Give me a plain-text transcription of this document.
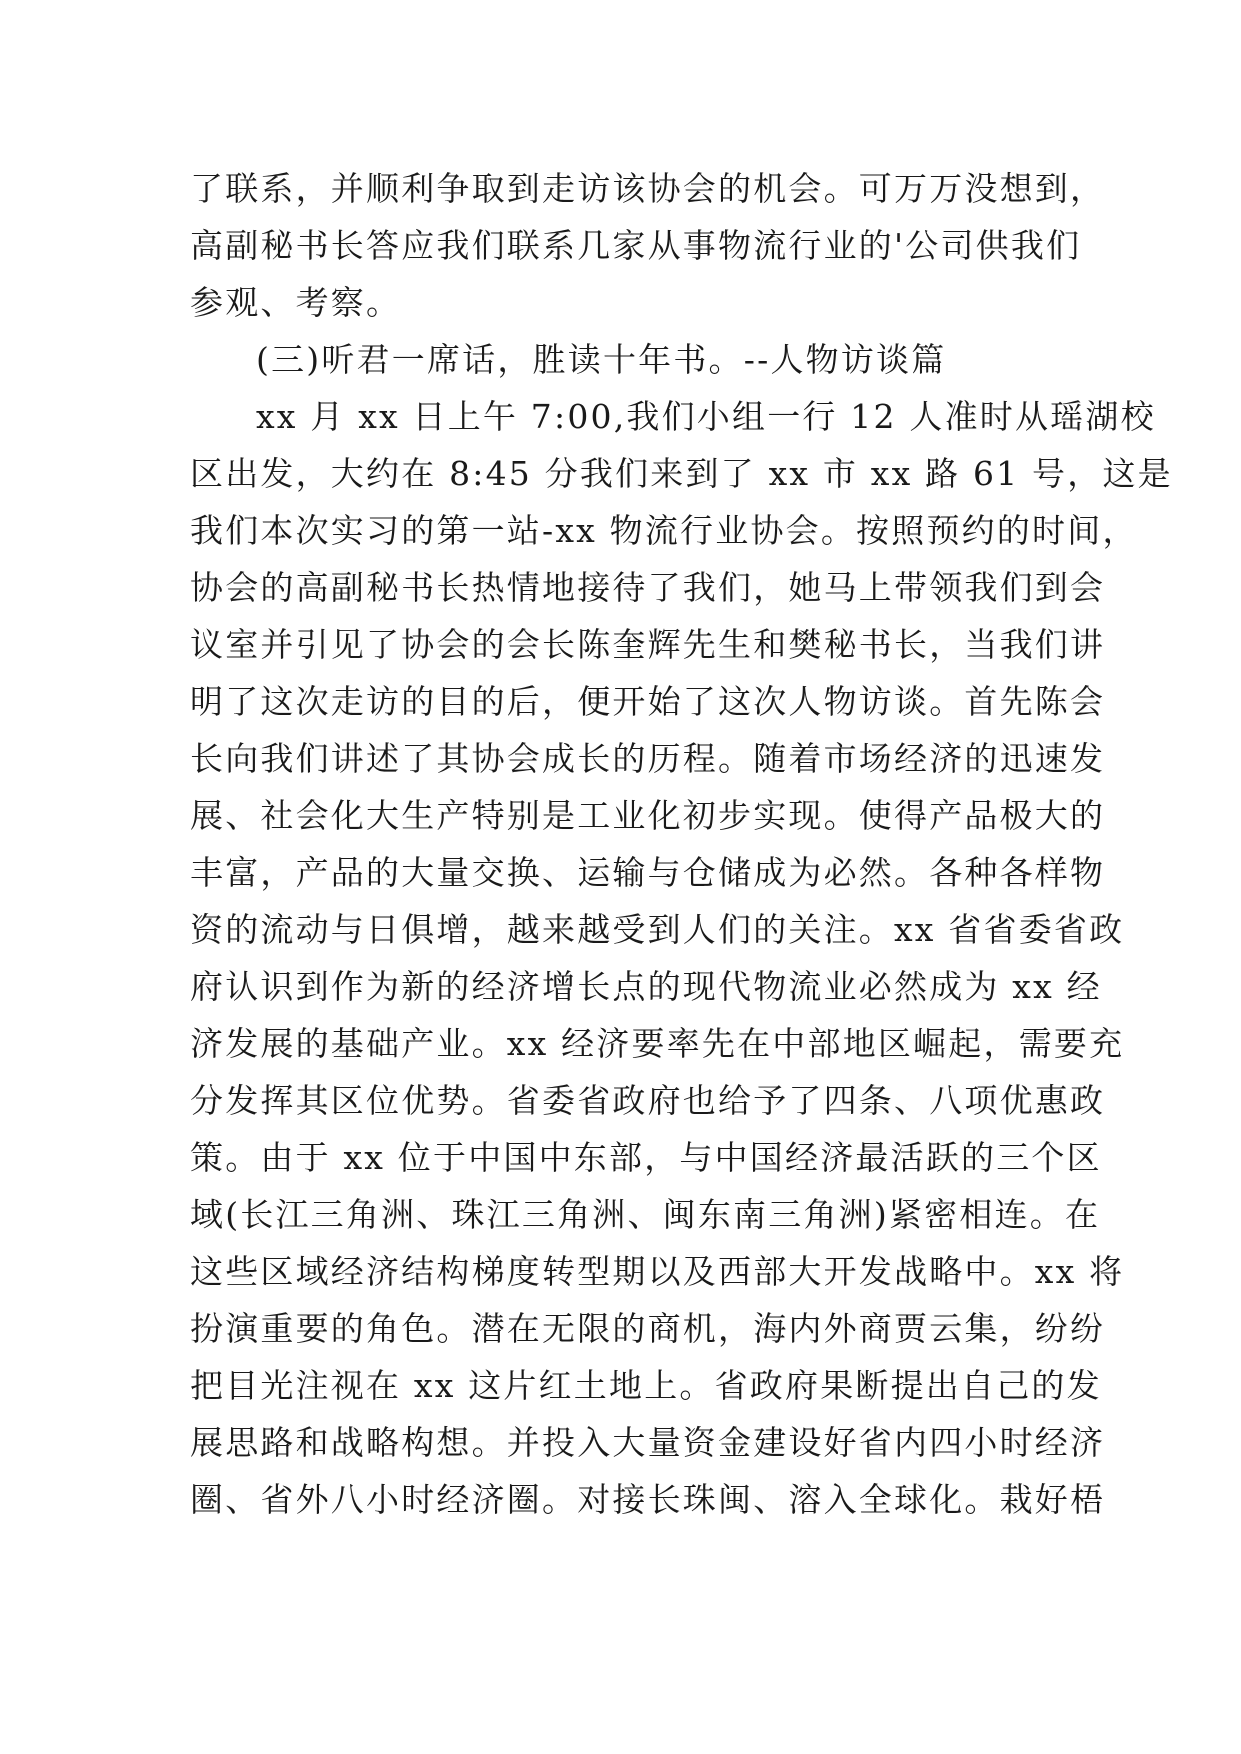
了联系，并顺利争取到走访该协会的机会。可万万没想到，
高副秘书长答应我们联系几家从事物流行业的'公司供我们
参观、考察。
(三)听君一席话，胜读十年书。--人物访谈篇
xx 月 xx 日上午 7:00,我们小组一行 12 人准时从瑶湖校
区出发，大约在 8:45 分我们来到了 xx 市 xx 路 61 号，这是
我们本次实习的第一站-xx 物流行业协会。按照预约的时间，
协会的高副秘书长热情地接待了我们，她马上带领我们到会
议室并引见了协会的会长陈奎辉先生和樊秘书长，当我们讲
明了这次走访的目的后，便开始了这次人物访谈。首先陈会
长向我们讲述了其协会成长的历程。随着市场经济的迅速发
展、社会化大生产特别是工业化初步实现。使得产品极大的
丰富，产品的大量交换、运输与仓储成为必然。各种各样物
资的流动与日俱增，越来越受到人们的关注。xx 省省委省政
府认识到作为新的经济增长点的现代物流业必然成为 xx 经
济发展的基础产业。xx 经济要率先在中部地区崛起，需要充
分发挥其区位优势。省委省政府也给予了四条、八项优惠政
策。由于 xx 位于中国中东部，与中国经济最活跃的三个区
域(长江三角洲、珠江三角洲、闽东南三角洲)紧密相连。在
这些区域经济结构梯度转型期以及西部大开发战略中。xx 将
扮演重要的角色。潜在无限的商机，海内外商贾云集，纷纷
把目光注视在 xx 这片红土地上。省政府果断提出自己的发
展思路和战略构想。并投入大量资金建设好省内四小时经济
圈、省外八小时经济圈。对接长珠闽、溶入全球化。栽好梧
